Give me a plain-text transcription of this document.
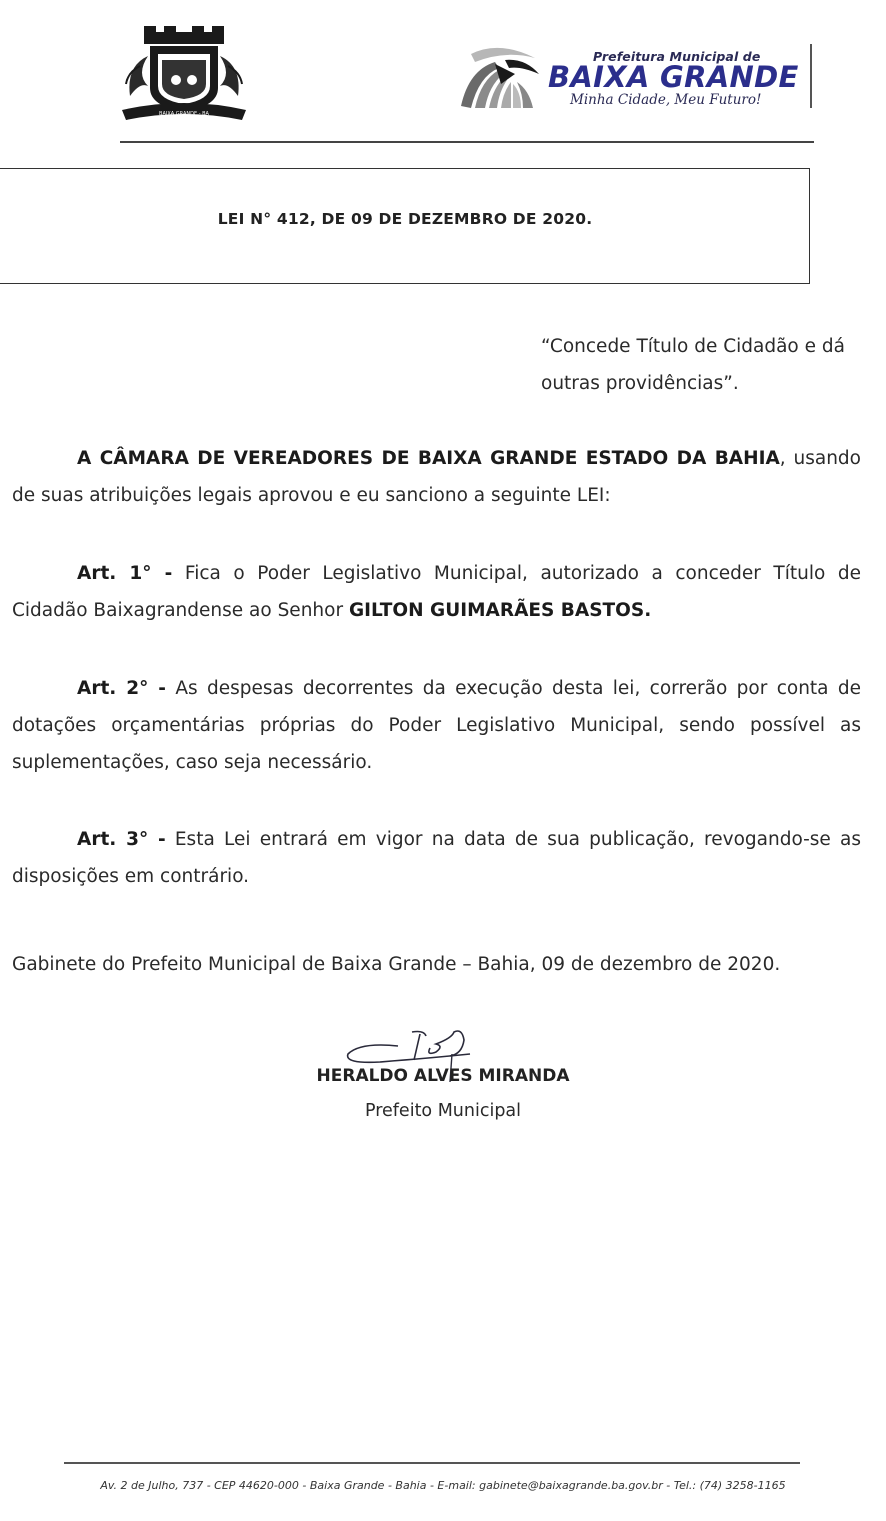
BAIXA GRANDE - BA
Prefeitura Municipal de
BAIXA GRANDE
Minha Cidade, Meu Futuro!
LEI N° 412, DE 09 DE DEZEMBRO DE 2020.
“Concede Título de Cidadão e dá outras providências”.
A CÂMARA DE VEREADORES DE BAIXA GRANDE ESTADO DA BAHIA, usando de suas atribuições legais aprovou e eu sanciono a seguinte LEI:
Art. 1° - Fica o Poder Legislativo Municipal, autorizado a conceder Título de Cidadão Baixagrandense ao Senhor GILTON GUIMARÃES BASTOS.
Art. 2° - As despesas decorrentes da execução desta lei, correrão por conta de dotações orçamentárias próprias do Poder Legislativo Municipal, sendo possível as suplementações, caso seja necessário.
Art. 3° - Esta Lei entrará em vigor na data de sua publicação, revogando-se as disposições em contrário.
Gabinete do Prefeito Municipal de Baixa Grande – Bahia, 09 de dezembro de 2020.
HERALDO ALVES MIRANDA
Prefeito Municipal
Av. 2 de Julho, 737 - CEP 44620-000 - Baixa Grande - Bahia - E-mail: gabinete@baixagrande.ba.gov.br - Tel.: (74) 3258-1165
